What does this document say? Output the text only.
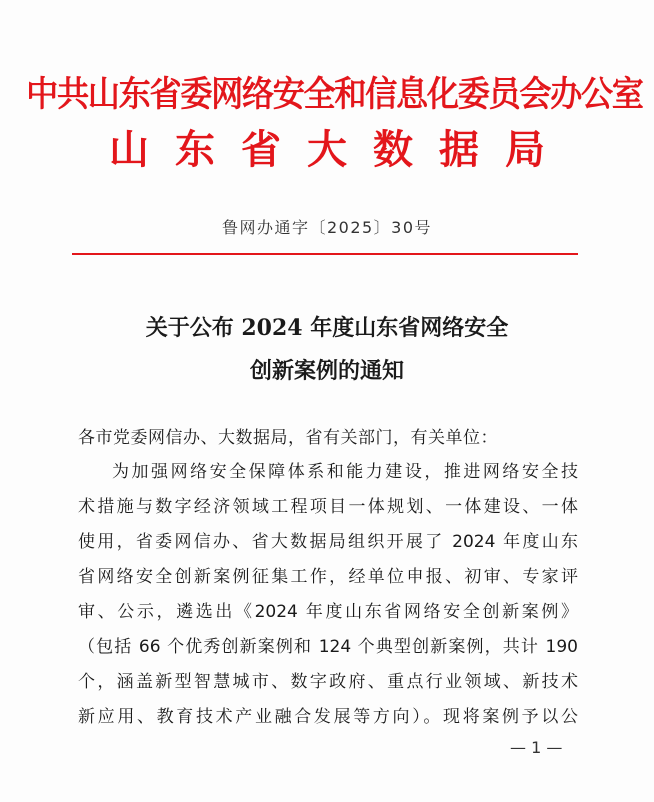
中共山东省委网络安全和信息化委员会办公室
山东省大数据局
鲁网办通字〔2025〕30号
关于公布 2024 年度山东省网络安全
创新案例的通知
各市党委网信办、大数据局，省有关部门，有关单位：
为加强网络安全保障体系和能力建设，推进网络安全技
术措施与数字经济领域工程项目一体规划、一体建设、一体
使用，省委网信办、省大数据局组织开展了 2024 年度山东
省网络安全创新案例征集工作，经单位申报、初审、专家评
审、公示，遴选出《2024 年度山东省网络安全创新案例》
（包括 66 个优秀创新案例和 124 个典型创新案例，共计 190
个，涵盖新型智慧城市、数字政府、重点行业领域、新技术
新应用、教育技术产业融合发展等方向）。现将案例予以公
— 1 —
